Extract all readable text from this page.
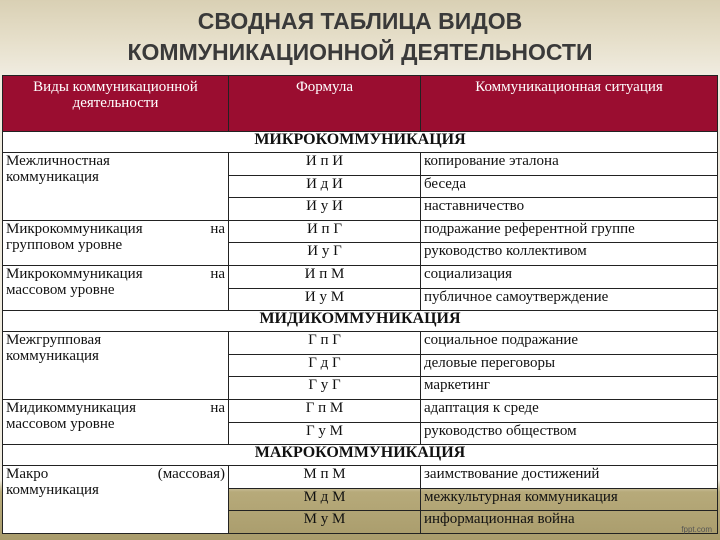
СВОДНАЯ ТАБЛИЦА ВИДОВ
КОММУНИКАЦИОННОЙ ДЕЯТЕЛЬНОСТИ
Виды коммуникационной деятельности	Формула	Коммуникационная ситуация
МИКРОКОММУНИКАЦИЯ		

Межличностная
коммуникация	И п И	копирование эталона
	И д И	беседа
	И у И	наставничество

Микрокоммуникация на
групповом уровне	И п Г	подражание референтной группе
	И у Г	руководство коллективом

Микрокоммуникация на
массовом уровне	И п М	социализация
	И у М	публичное самоутверждение
МИДИКОММУНИКАЦИЯ		

Межгрупповая
коммуникация	Г п Г	социальное подражание
	Г д Г	деловые переговоры
	Г у Г	маркетинг

Мидикоммуникация на
массовом уровне	Г п М	адаптация к среде
	Г у М	руководство обществом
МАКРОКОММУНИКАЦИЯ		

Макро (массовая)
коммуникация	М п М	заимствование достижений
	М д М	межкультурная коммуникация
	М у М	информационная война
fppt.com
